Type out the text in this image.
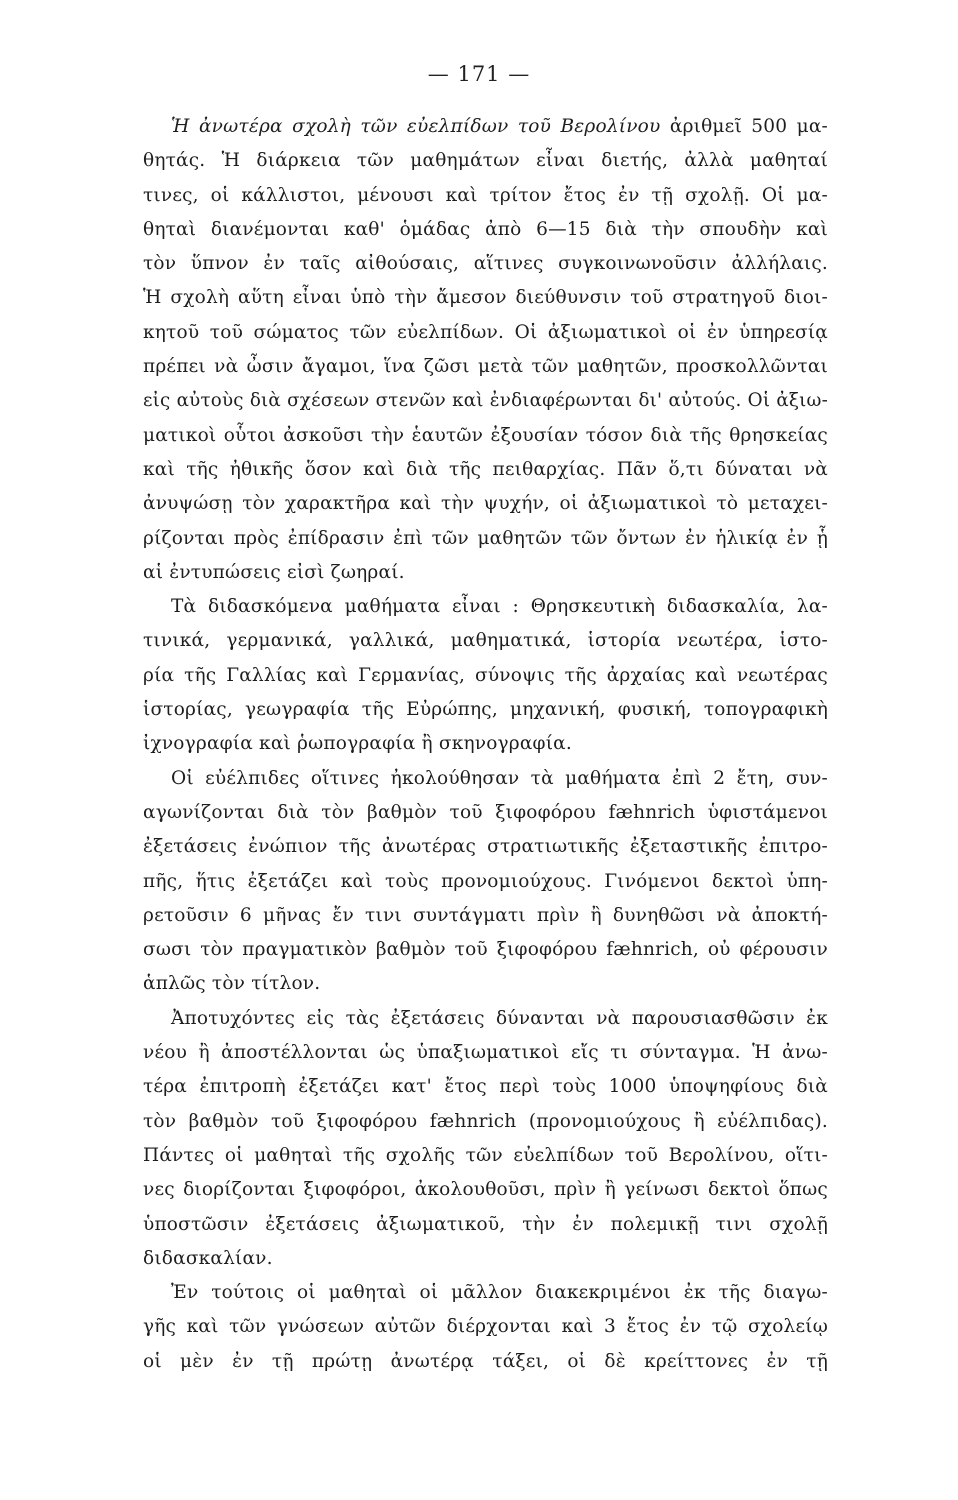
— 171 —
Ἡ ἀνωτέρα σχολὴ τῶν εὐελπίδων τοῦ Βερολίνου ἀριθμεῖ 500 μα-
θητάς. Ἡ διάρκεια τῶν μαθημάτων εἶναι διετής, ἀλλὰ μαθηταί
τινες, οἱ κάλλιστοι, μένουσι καὶ τρίτον ἔτος ἐν τῇ σχολῇ. Οἱ μα-
θηταὶ διανέμονται καθ' ὁμάδας ἀπὸ 6—15 διὰ τὴν σπουδὴν καὶ
τὸν ὕπνον ἐν ταῖς αἰθούσαις, αἵτινες συγκοινωνοῦσιν ἀλλήλαις.
Ἡ σχολὴ αὕτη εἶναι ὑπὸ τὴν ἄμεσον διεύθυνσιν τοῦ στρατηγοῦ διοι-
κητοῦ τοῦ σώματος τῶν εὐελπίδων. Οἱ ἀξιωματικοὶ οἱ ἐν ὑπηρεσίᾳ
πρέπει νὰ ὦσιν ἄγαμοι, ἵνα ζῶσι μετὰ τῶν μαθητῶν, προσκολλῶνται
εἰς αὐτοὺς διὰ σχέσεων στενῶν καὶ ἐνδιαφέρωνται δι' αὐτούς. Οἱ ἀξιω-
ματικοὶ οὗτοι ἀσκοῦσι τὴν ἑαυτῶν ἐξουσίαν τόσον διὰ τῆς θρησκείας
καὶ τῆς ἠθικῆς ὅσον καὶ διὰ τῆς πειθαρχίας. Πᾶν ὅ,τι δύναται νὰ
ἀνυψώσῃ τὸν χαρακτῆρα καὶ τὴν ψυχήν, οἱ ἀξιωματικοὶ τὸ μεταχει-
ρίζονται πρὸς ἐπίδρασιν ἐπὶ τῶν μαθητῶν τῶν ὄντων ἐν ἡλικίᾳ ἐν ᾗ
αἱ ἐντυπώσεις εἰσὶ ζωηραί.
Τὰ διδασκόμενα μαθήματα εἶναι : Θρησκευτικὴ διδασκαλία, λα-
τινικά, γερμανικά, γαλλικά, μαθηματικά, ἱστορία νεωτέρα, ἱστο-
ρία τῆς Γαλλίας καὶ Γερμανίας, σύνοψις τῆς ἀρχαίας καὶ νεωτέρας
ἱστορίας, γεωγραφία τῆς Εὐρώπης, μηχανική, φυσική, τοπογραφικὴ
ἰχνογραφία καὶ ῥωπογραφία ἢ σκηνογραφία.
Οἱ εὐέλπιδες οἵτινες ἠκολούθησαν τὰ μαθήματα ἐπὶ 2 ἔτη, συν-
αγωνίζονται διὰ τὸν βαθμὸν τοῦ ξιφοφόρου fæhnrich ὑφιστάμενοι
ἐξετάσεις ἐνώπιον τῆς ἀνωτέρας στρατιωτικῆς ἐξεταστικῆς ἐπιτρο-
πῆς, ἥτις ἐξετάζει καὶ τοὺς προνομιούχους. Γινόμενοι δεκτοὶ ὑπη-
ρετοῦσιν 6 μῆνας ἔν τινι συντάγματι πρὶν ἢ δυνηθῶσι νὰ ἀποκτή-
σωσι τὸν πραγματικὸν βαθμὸν τοῦ ξιφοφόρου fæhnrich, οὐ φέρουσιν
ἁπλῶς τὸν τίτλον.
Ἀποτυχόντες εἰς τὰς ἐξετάσεις δύνανται νὰ παρουσιασθῶσιν ἐκ
νέου ἢ ἀποστέλλονται ὡς ὑπαξιωματικοὶ εἴς τι σύνταγμα. Ἡ ἀνω-
τέρα ἐπιτροπὴ ἐξετάζει κατ' ἔτος περὶ τοὺς 1000 ὑποψηφίους διὰ
τὸν βαθμὸν τοῦ ξιφοφόρου fæhnrich (προνομιούχους ἢ εὐέλπιδας).
Πάντες οἱ μαθηταὶ τῆς σχολῆς τῶν εὐελπίδων τοῦ Βερολίνου, οἵτι-
νες διορίζονται ξιφοφόροι, ἀκολουθοῦσι, πρὶν ἢ γείνωσι δεκτοὶ ὅπως
ὑποστῶσιν ἐξετάσεις ἀξιωματικοῦ, τὴν ἐν πολεμικῇ τινι σχολῇ
διδασκαλίαν.
Ἐν τούτοις οἱ μαθηταὶ οἱ μᾶλλον διακεκριμένοι ἐκ τῆς διαγω-
γῆς καὶ τῶν γνώσεων αὐτῶν διέρχονται καὶ 3 ἔτος ἐν τῷ σχολείῳ
οἱ μὲν ἐν τῇ πρώτῃ ἀνωτέρᾳ τάξει, οἱ δὲ κρείττονες ἐν τῇ
